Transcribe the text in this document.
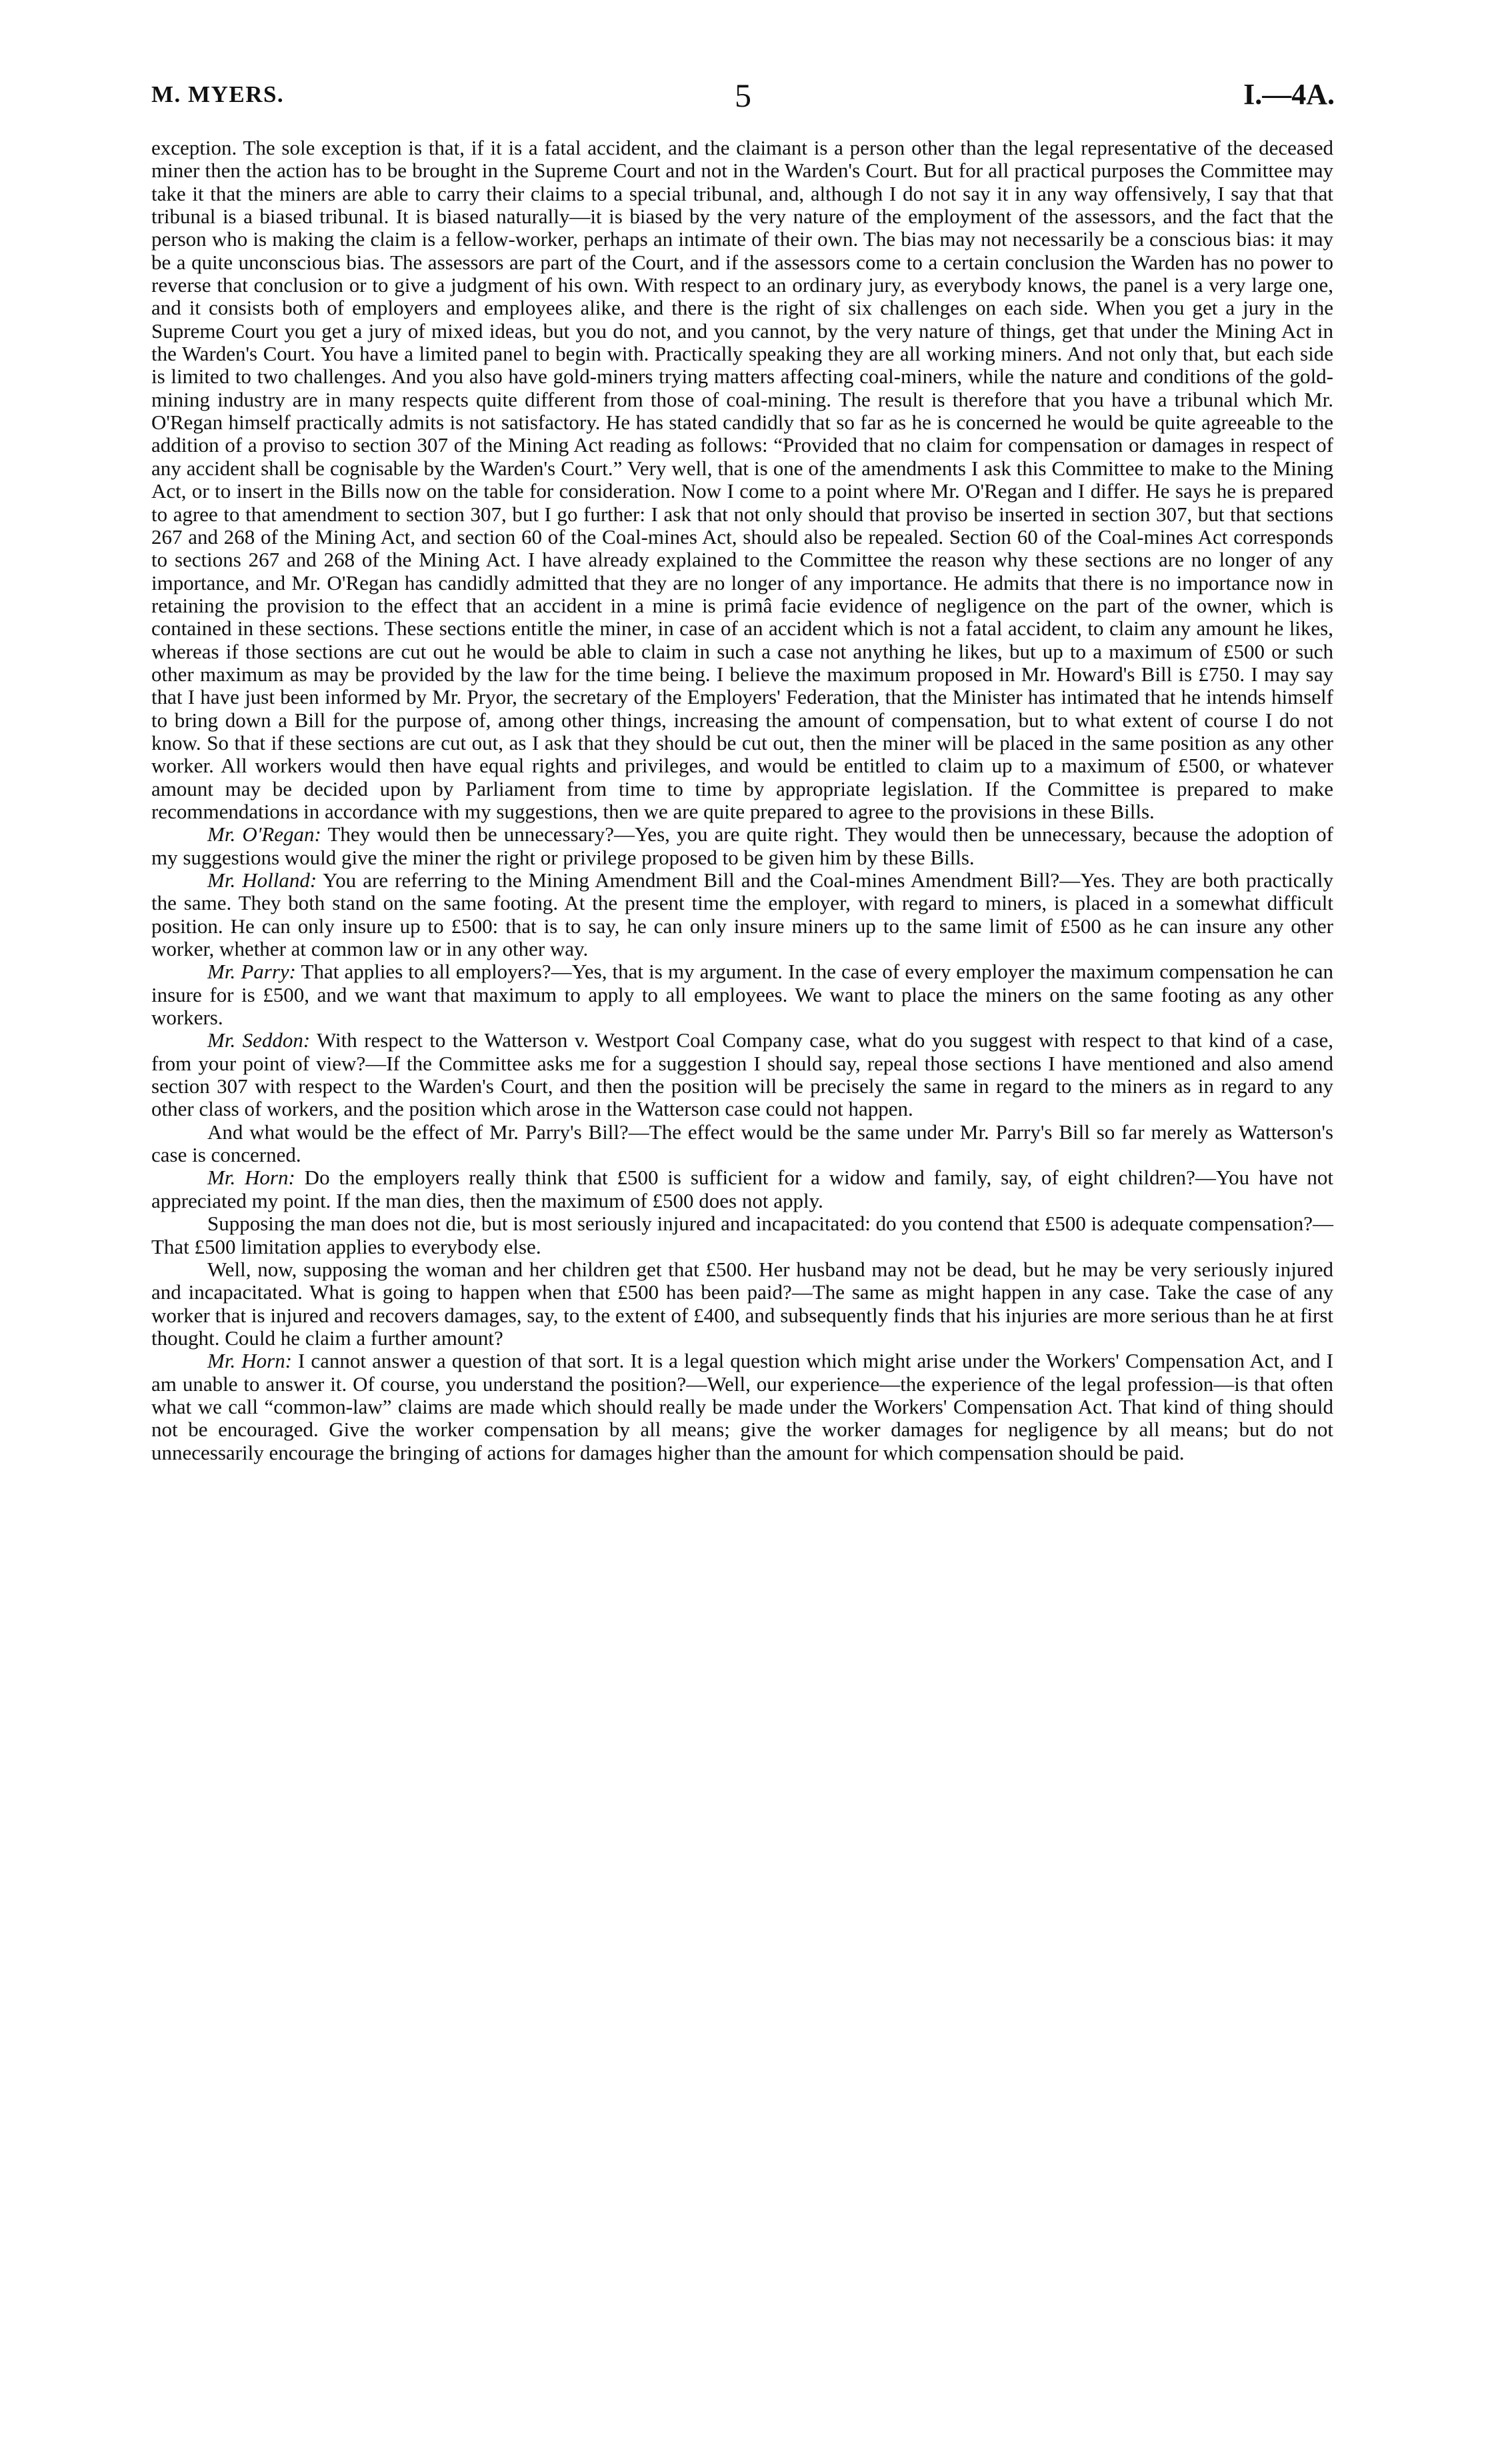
M. MYERS.	5	I.—4A.

exception. The sole exception is that, if it is a fatal accident, and the claimant is a person other than the legal representative of the deceased miner then the action has to be brought in the Supreme Court and not in the Warden's Court. But for all practical purposes the Committee may take it that the miners are able to carry their claims to a special tribunal, and, although I do not say it in any way offensively, I say that that tribunal is a biased tribunal. It is biased naturally—it is biased by the very nature of the employment of the assessors, and the fact that the person who is making the claim is a fellow-worker, perhaps an intimate of their own. The bias may not necessarily be a conscious bias: it may be a quite unconscious bias. The assessors are part of the Court, and if the assessors come to a certain conclusion the Warden has no power to reverse that conclusion or to give a judgment of his own. With respect to an ordinary jury, as everybody knows, the panel is a very large one, and it consists both of employers and employees alike, and there is the right of six challenges on each side. When you get a jury in the Supreme Court you get a jury of mixed ideas, but you do not, and you cannot, by the very nature of things, get that under the Mining Act in the Warden's Court. You have a limited panel to begin with. Practically speaking they are all working miners. And not only that, but each side is limited to two challenges. And you also have gold-miners trying matters affecting coal-miners, while the nature and conditions of the gold-mining industry are in many respects quite different from those of coal-mining. The result is therefore that you have a tribunal which Mr. O'Regan himself practically admits is not satisfactory. He has stated candidly that so far as he is concerned he would be quite agreeable to the addition of a proviso to section 307 of the Mining Act reading as follows: “Provided that no claim for compensation or damages in respect of any accident shall be cognisable by the Warden's Court.” Very well, that is one of the amendments I ask this Committee to make to the Mining Act, or to insert in the Bills now on the table for consideration. Now I come to a point where Mr. O'Regan and I differ. He says he is prepared to agree to that amendment to section 307, but I go further: I ask that not only should that proviso be inserted in section 307, but that sections 267 and 268 of the Mining Act, and section 60 of the Coal-mines Act, should also be repealed. Section 60 of the Coal-mines Act corresponds to sections 267 and 268 of the Mining Act. I have already explained to the Committee the reason why these sections are no longer of any importance, and Mr. O'Regan has candidly admitted that they are no longer of any importance. He admits that there is no importance now in retaining the provision to the effect that an accident in a mine is primâ facie evidence of negligence on the part of the owner, which is contained in these sections. These sections entitle the miner, in case of an accident which is not a fatal accident, to claim any amount he likes, whereas if those sections are cut out he would be able to claim in such a case not anything he likes, but up to a maximum of £500 or such other maximum as may be provided by the law for the time being. I believe the maximum proposed in Mr. Howard's Bill is £750. I may say that I have just been informed by Mr. Pryor, the secretary of the Employers' Federation, that the Minister has intimated that he intends himself to bring down a Bill for the purpose of, among other things, increasing the amount of compensation, but to what extent of course I do not know. So that if these sections are cut out, as I ask that they should be cut out, then the miner will be placed in the same position as any other worker. All workers would then have equal rights and privileges, and would be entitled to claim up to a maximum of £500, or whatever amount may be decided upon by Parliament from time to time by appropriate legislation. If the Committee is prepared to make recommendations in accordance with my suggestions, then we are quite prepared to agree to the provisions in these Bills.

Mr. O'Regan: They would then be unnecessary?—Yes, you are quite right. They would then be unnecessary, because the adoption of my suggestions would give the miner the right or privilege proposed to be given him by these Bills.

Mr. Holland: You are referring to the Mining Amendment Bill and the Coal-mines Amendment Bill?—Yes. They are both practically the same. They both stand on the same footing. At the present time the employer, with regard to miners, is placed in a somewhat difficult position. He can only insure up to £500: that is to say, he can only insure miners up to the same limit of £500 as he can insure any other worker, whether at common law or in any other way.

Mr. Parry: That applies to all employers?—Yes, that is my argument. In the case of every employer the maximum compensation he can insure for is £500, and we want that maximum to apply to all employees. We want to place the miners on the same footing as any other workers.

Mr. Seddon: With respect to the Watterson v. Westport Coal Company case, what do you suggest with respect to that kind of a case, from your point of view?—If the Committee asks me for a suggestion I should say, repeal those sections I have mentioned and also amend section 307 with respect to the Warden's Court, and then the position will be precisely the same in regard to the miners as in regard to any other class of workers, and the position which arose in the Watterson case could not happen.

And what would be the effect of Mr. Parry's Bill?—The effect would be the same under Mr. Parry's Bill so far merely as Watterson's case is concerned.

Mr. Horn: Do the employers really think that £500 is sufficient for a widow and family, say, of eight children?—You have not appreciated my point. If the man dies, then the maximum of £500 does not apply.

Supposing the man does not die, but is most seriously injured and incapacitated: do you contend that £500 is adequate compensation?—That £500 limitation applies to everybody else.

Well, now, supposing the woman and her children get that £500. Her husband may not be dead, but he may be very seriously injured and incapacitated. What is going to happen when that £500 has been paid?—The same as might happen in any case. Take the case of any worker that is injured and recovers damages, say, to the extent of £400, and subsequently finds that his injuries are more serious than he at first thought. Could he claim a further amount?

Mr. Horn: I cannot answer a question of that sort. It is a legal question which might arise under the Workers' Compensation Act, and I am unable to answer it. Of course, you understand the position?—Well, our experience—the experience of the legal profession—is that often what we call “common-law” claims are made which should really be made under the Workers' Compensation Act. That kind of thing should not be encouraged. Give the worker compensation by all means; give the worker damages for negligence by all means; but do not unnecessarily encourage the bringing of actions for damages higher than the amount for which compensation should be paid.
